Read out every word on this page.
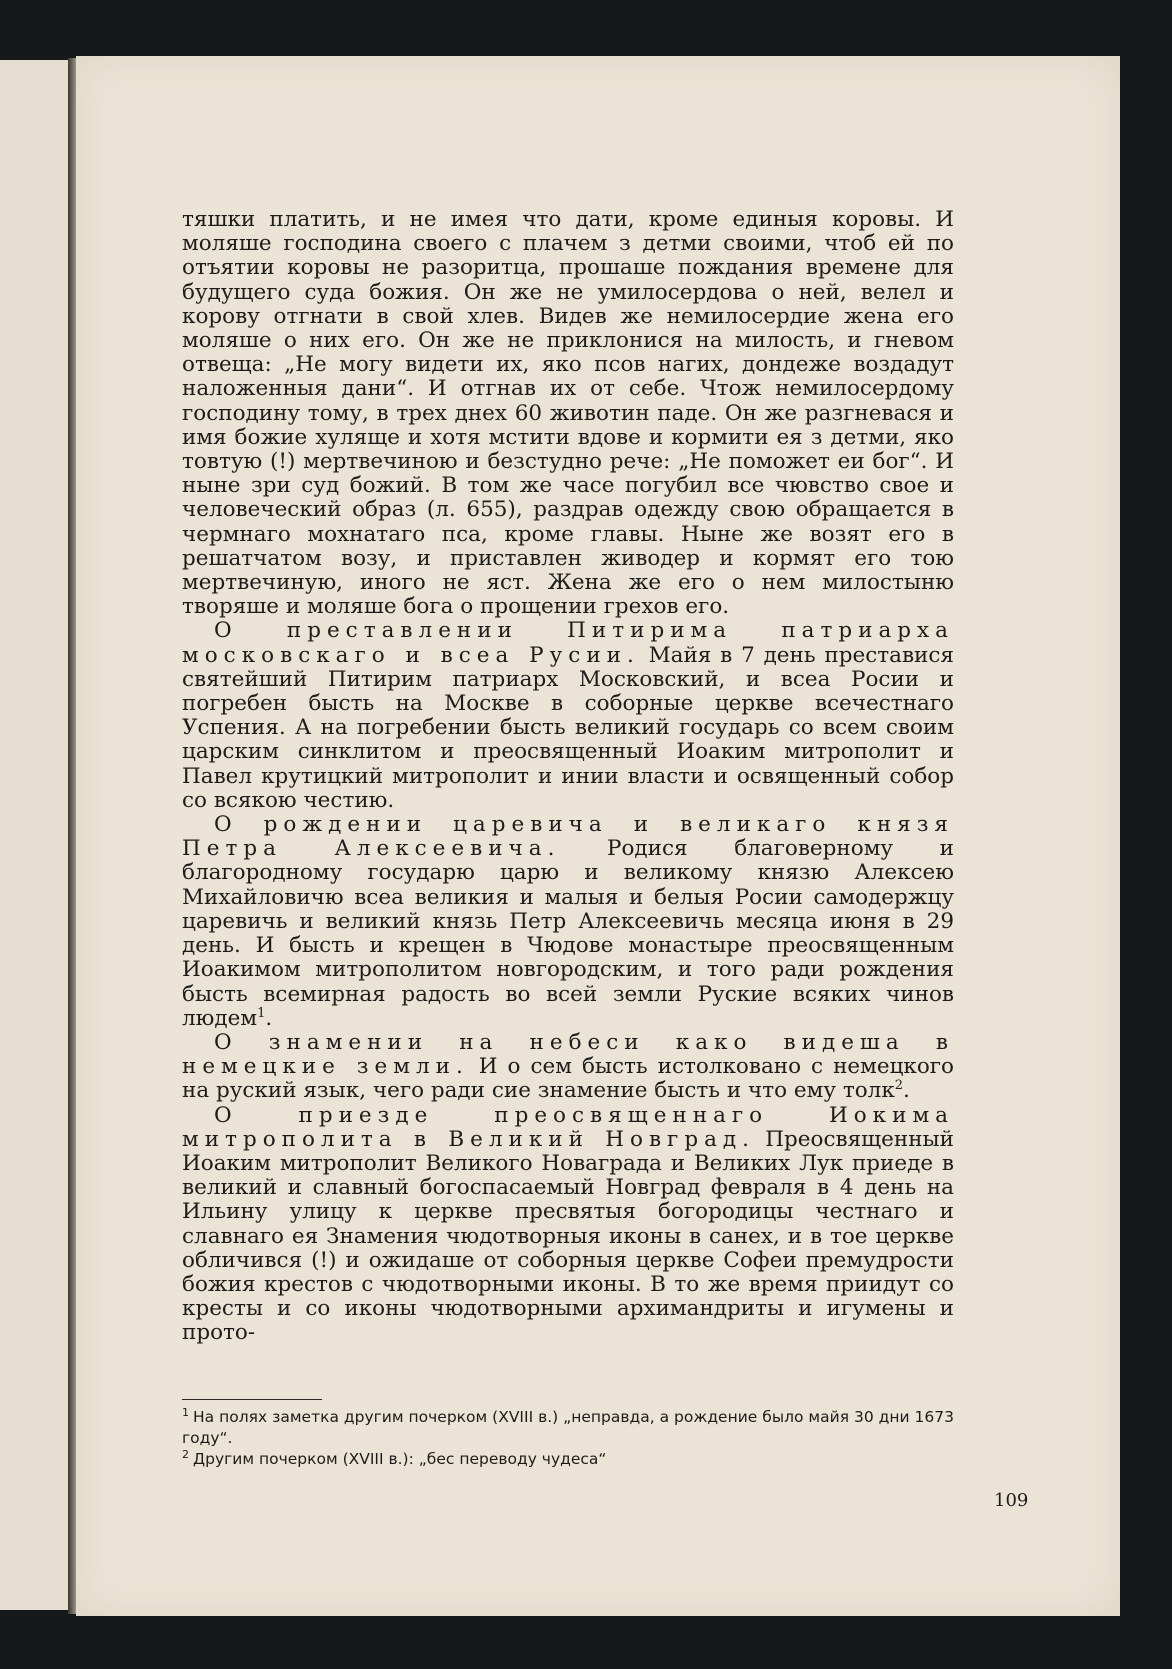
тяшки платить, и не имея что дати, кроме единыя коровы. И моляше господина своего с плачем з детми своими, чтоб ей по отъятии коровы не разоритца, прошаше пождания времене для будущего суда божия. Он же не умилосердова о ней, велел и корову отгнати в свой хлев. Видев же немилосердие жена его моляше о них его. Он же не приклонися на милость, и гневом отвеща: „Не могу видети их, яко псов нагих, дондеже воздадут наложенныя дани“. И отгнав их от себе. Чтож немилосердому господину тому, в трех днех 60 животин паде. Он же разгневася и имя божие хуляще и хотя мстити вдове и кормити ея з детми, яко товтую (!) мертвечиною и безстудно рече: „Не поможет еи бог“. И ныне зри суд божий. В том же часе погубил все чювство свое и человеческий образ (л. 655), раздрав одежду свою обращается в чермнаго мохнатаго пса, кроме главы. Ныне же возят его в решатчатом возу, и приставлен живодер и кормят его тою мертвечиную, иного не яст. Жена же его о нем милостыню творяше и моляше бога о прощении грехов его.

О преставлении Питирима патриарха московскаго и всеа Русии. Майя в 7 день преставися святейший Питирим патриарх Московский, и всеа Росии и погребен бысть на Москве в соборные церкве всечестнаго Успения. А на погребении бысть великий государь со всем своим царским синклитом и преосвященный Иоаким митрополит и Павел крутицкий митрополит и инии власти и освященный собор со всякою честию.

О рождении царевича и великаго князя Петра Алексеевича. Родися благоверному и благородному государю царю и великому князю Алексею Михайловичю всеа великия и малыя и белыя Росии самодержцу царевичь и великий князь Петр Алексеевичь месяца июня в 29 день. И бысть и крещен в Чюдове монастыре преосвященным Иоакимом митрополитом новгородским, и того ради рождения бысть всемирная радость во всей земли Руские всяких чинов людем$^1$.

О знамении на небеси како видеша в немецкие земли. И о сем бысть истолковано с немецкого на руский язык, чего ради сие знамение бысть и что ему толк$^2$.

О приезде преосвященнаго Иокима митрополита в Великий Новград. Преосвященный Иоаким митрополит Великого Новаграда и Великих Лук приеде в великий и славный богоспасаемый Новград февраля в 4 день на Ильину улицу к церкве пресвятыя богородицы честнаго и славнаго ея Знамения чюдотворныя иконы в санех, и в тое церкве обличився (!) и ожидаше от соборныя церкве Софеи премудрости божия крестов с чюдотворными иконы. В то же время приидут со кресты и со иконы чюдотворными архимандриты и игумены и прото-

$^1$ На полях заметка другим почерком (XVIII в.) „неправда, а рождение было майя 30 дни 1673 году“.

$^2$ Другим почерком (XVIII в.): „бес переводу чудеса“

109
